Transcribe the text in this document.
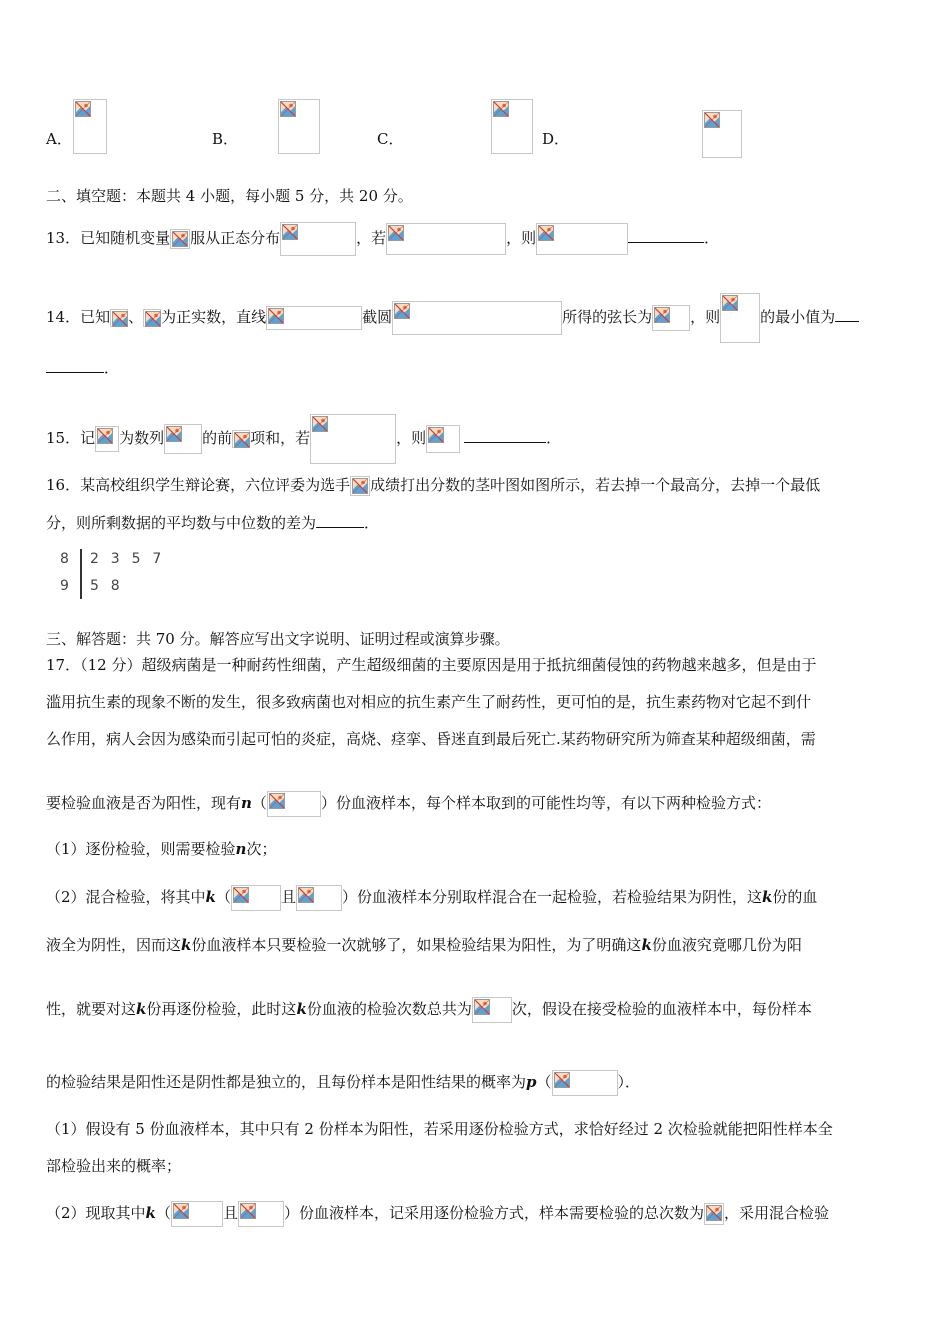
A．
	B．
	C．
	D．
二、填空题：本题共 4 小题，每小题 5 分，共 20 分。
13．已知随机变量 服从正态分布	，若	，则	．
14．已知 、 为正实数，直线	截圆	所得的弦长为	，则	的最小值为
．
15．记 为数列	的前 项和，若	，则	．
16．某高校组织学生辩论赛，六位评委为选手 成绩打出分数的茎叶图如图所示，若去掉一个最高分，去掉一个最低
分，则所剩数据的平均数与中位数的差为	．
8 2  3  5  7
9 5  8
三、解答题：共 70 分。解答应写出文字说明、证明过程或演算步骤。
17．（12 分）超级病菌是一种耐药性细菌，产生超级细菌的主要原因是用于抵抗细菌侵蚀的药物越来越多，但是由于
滥用抗生素的现象不断的发生，很多致病菌也对相应的抗生素产生了耐药性，更可怕的是，抗生素药物对它起不到什
么作用，病人会因为感染而引起可怕的炎症，高烧、痉挛、昏迷直到最后死亡.某药物研究所为筛查某种超级细菌，需
要检验血液是否为阳性，现有n（	）份血液样本，每个样本取到的可能性均等，有以下两种检验方式：
（1）逐份检验，则需要检验n次；
（2）混合检验，将其中k（	且	）份血液样本分别取样混合在一起检验，若检验结果为阴性，这k份的血
液全为阴性，因而这k份血液样本只要检验一次就够了，如果检验结果为阳性，为了明确这k份血液究竟哪几份为阳
性，就要对这k份再逐份检验，此时这k份血液的检验次数总共为	次，假设在接受检验的血液样本中，每份样本
的检验结果是阳性还是阴性都是独立的，且每份样本是阳性结果的概率为p（	）．
（1）假设有 5 份血液样本，其中只有 2 份样本为阳性，若采用逐份检验方式，求恰好经过 2 次检验就能把阳性样本全
部检验出来的概率；
（2）现取其中k（	且	）份血液样本，记采用逐份检验方式，样本需要检验的总次数为 ，采用混合检验
